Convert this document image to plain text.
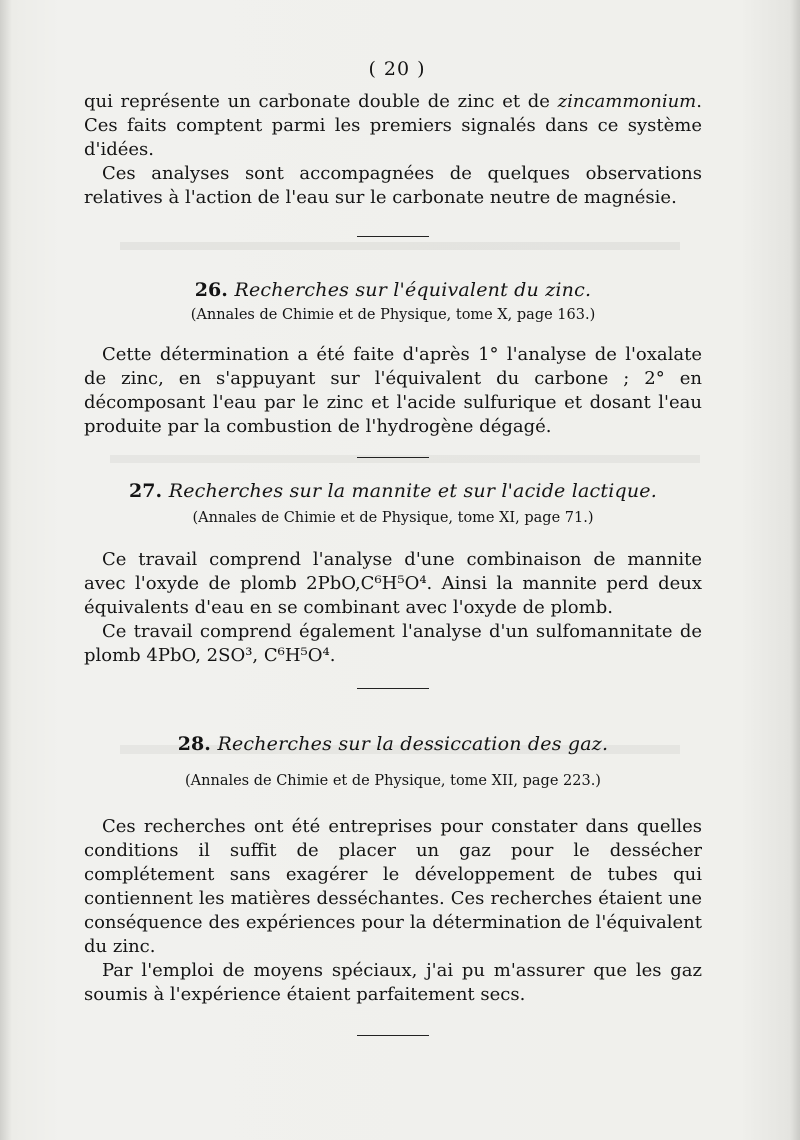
( 20 )

qui représente un carbonate double de zinc et de zincammonium. Ces faits comptent parmi les premiers signalés dans ce système d'idées.

Ces analyses sont accompagnées de quelques observations relatives à l'action de l'eau sur le carbonate neutre de magnésie.

26. Recherches sur l'équivalent du zinc.

(Annales de Chimie et de Physique, tome X, page 163.)

Cette détermination a été faite d'après 1° l'analyse de l'oxalate de zinc, en s'appuyant sur l'équivalent du carbone ; 2° en décomposant l'eau par le zinc et l'acide sulfurique et dosant l'eau produite par la combustion de l'hydrogène dégagé.

27. Recherches sur la mannite et sur l'acide lactique.

(Annales de Chimie et de Physique, tome XI, page 71.)

Ce travail comprend l'analyse d'une combinaison de mannite avec l'oxyde de plomb 2PbO,C⁶H⁵O⁴. Ainsi la mannite perd deux équivalents d'eau en se combinant avec l'oxyde de plomb.

Ce travail comprend également l'analyse d'un sulfomannitate de plomb 4PbO, 2SO³, C⁶H⁵O⁴.

28. Recherches sur la dessiccation des gaz.

(Annales de Chimie et de Physique, tome XII, page 223.)

Ces recherches ont été entreprises pour constater dans quelles conditions il suffit de placer un gaz pour le dessécher complétement sans exagérer le développement de tubes qui contiennent les matières desséchantes. Ces recherches étaient une conséquence des expériences pour la détermination de l'équivalent du zinc.

Par l'emploi de moyens spéciaux, j'ai pu m'assurer que les gaz soumis à l'expérience étaient parfaitement secs.
